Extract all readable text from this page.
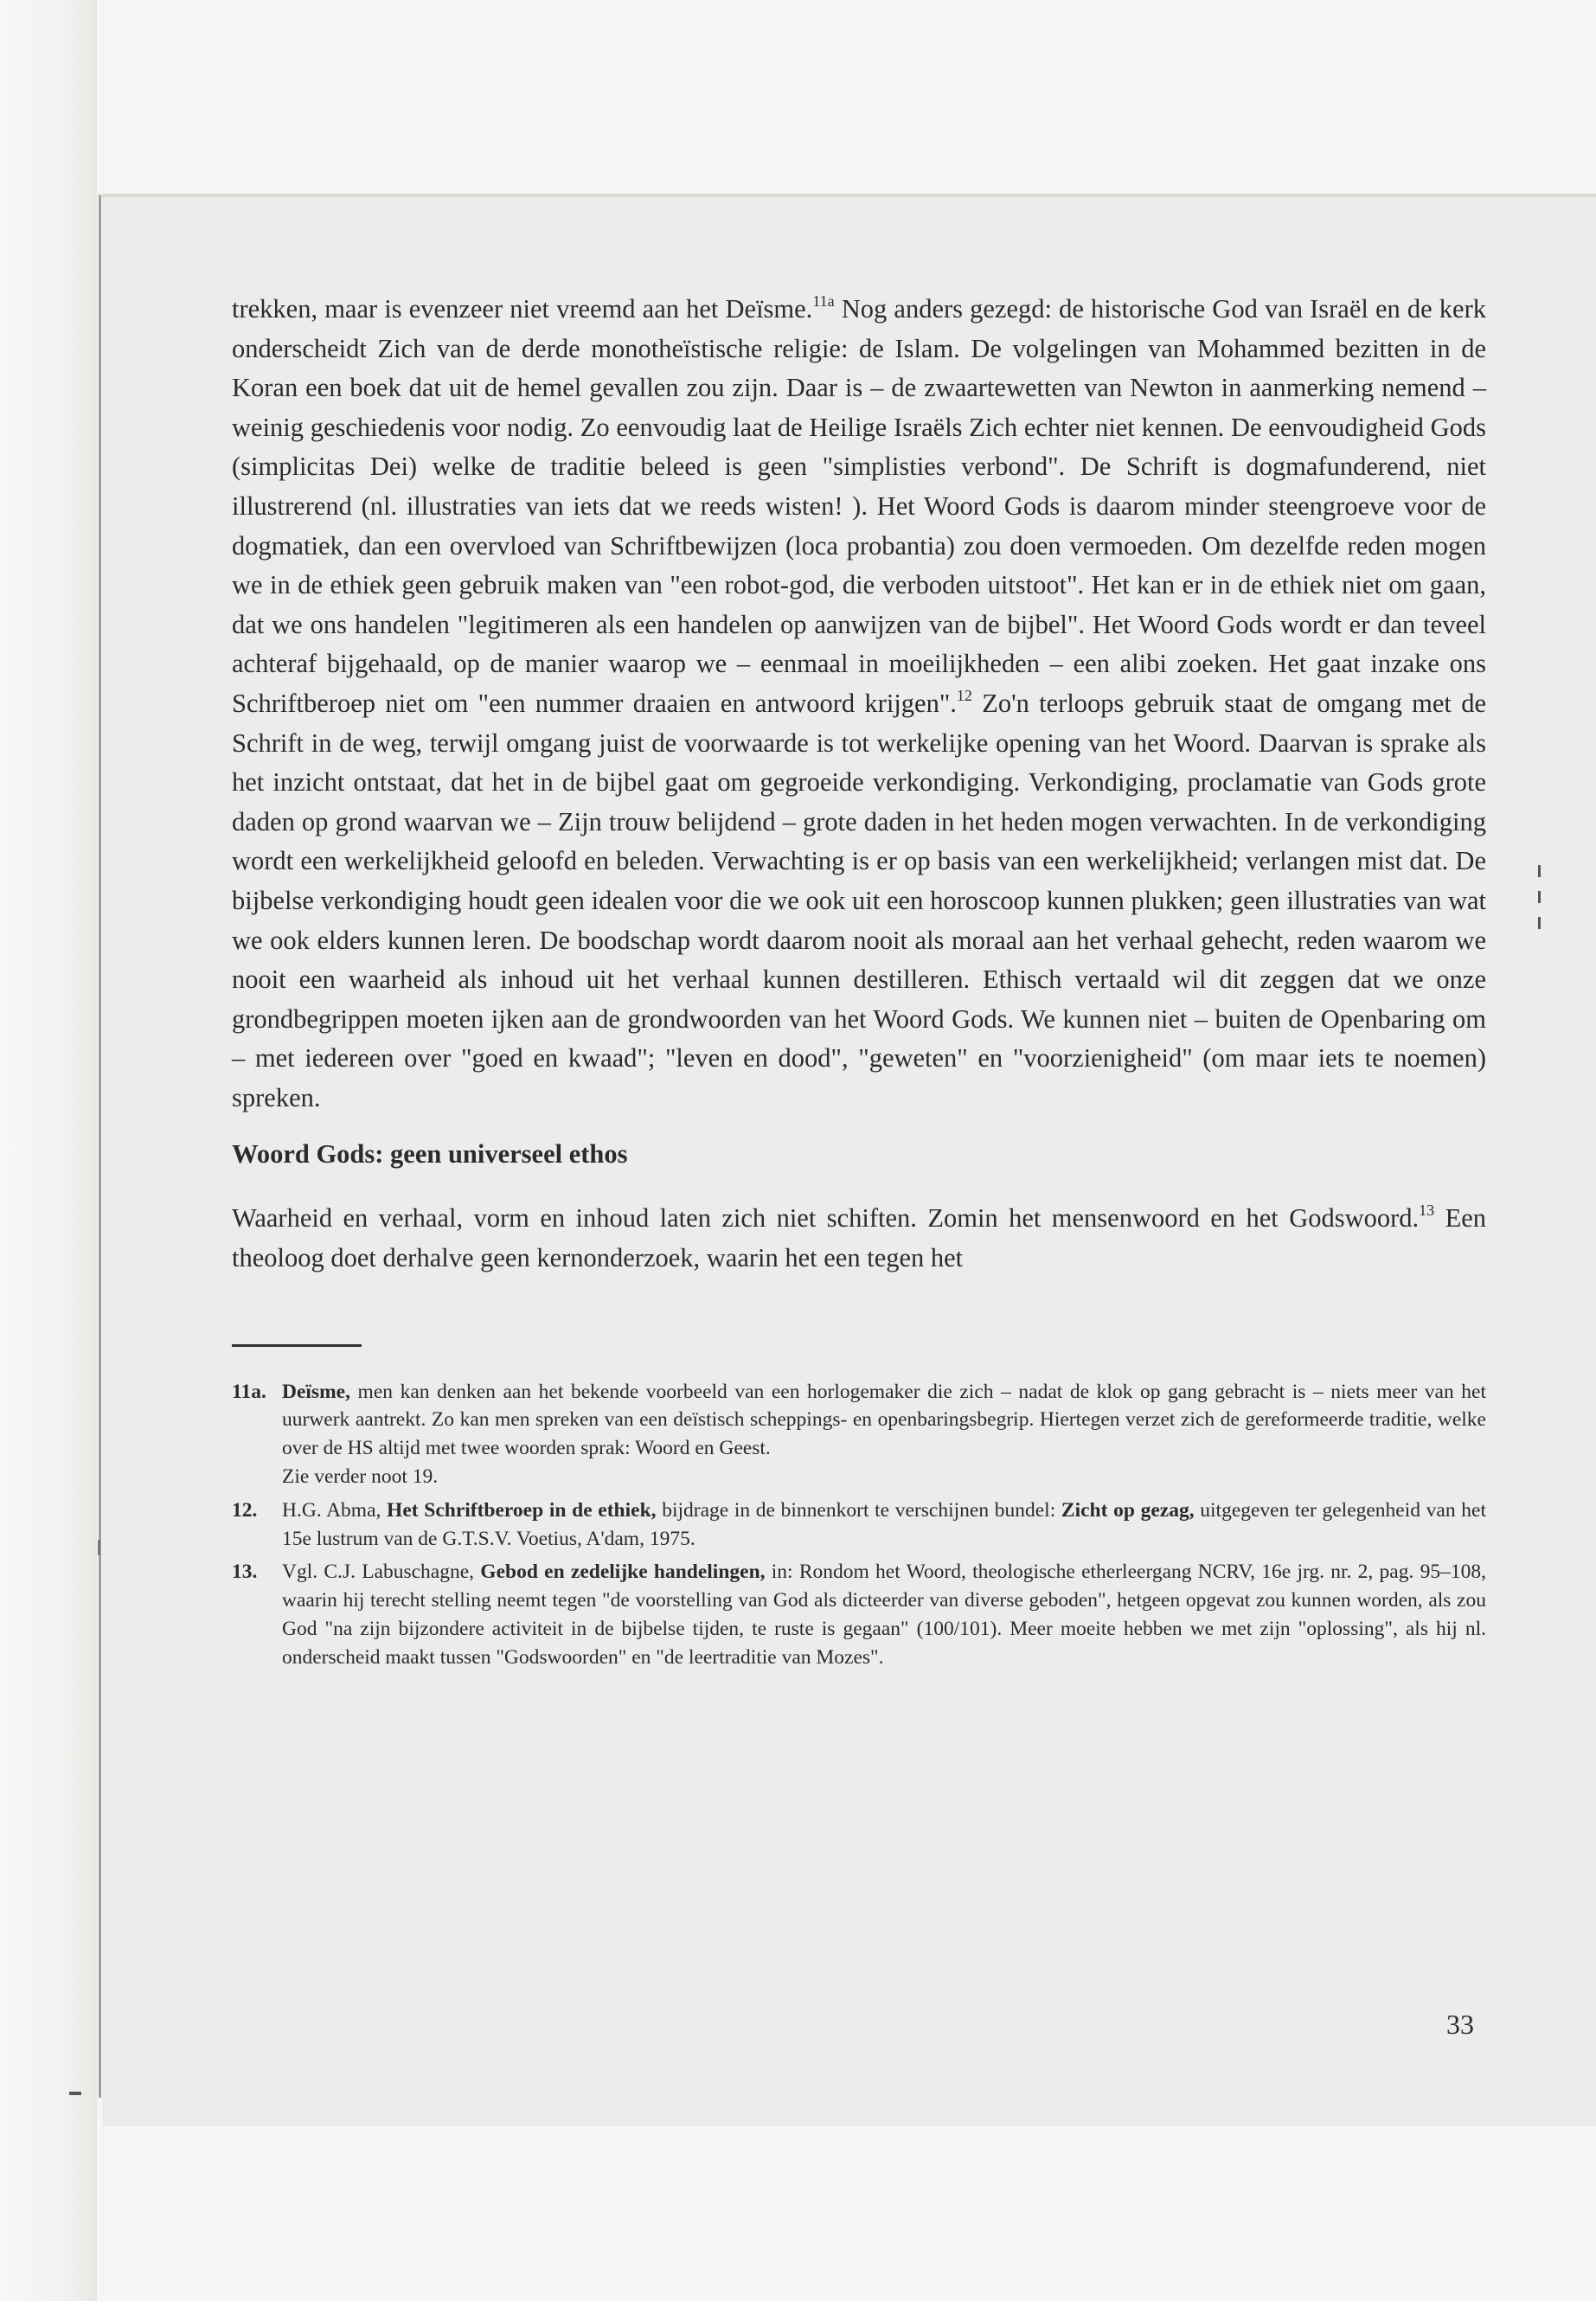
trekken, maar is evenzeer niet vreemd aan het Deïsme.$^{11a}$ Nog anders gezegd: de historische God van Israël en de kerk onderscheidt Zich van de derde monotheïstische religie: de Islam. De volgelingen van Mohammed bezitten in de Koran een boek dat uit de hemel gevallen zou zijn. Daar is – de zwaartewetten van Newton in aanmerking nemend – weinig geschiedenis voor nodig. Zo eenvoudig laat de Heilige Israëls Zich echter niet kennen. De eenvoudigheid Gods (simplicitas Dei) welke de traditie beleed is geen "simplisties verbond". De Schrift is dogmafunderend, niet illustrerend (nl. illustraties van iets dat we reeds wisten! ). Het Woord Gods is daarom minder steengroeve voor de dogmatiek, dan een overvloed van Schriftbewijzen (loca probantia) zou doen vermoeden. Om dezelfde reden mogen we in de ethiek geen gebruik maken van "een robot-god, die verboden uitstoot". Het kan er in de ethiek niet om gaan, dat we ons handelen "legitimeren als een handelen op aanwijzen van de bijbel". Het Woord Gods wordt er dan teveel achteraf bijgehaald, op de manier waarop we – eenmaal in moeilijkheden – een alibi zoeken. Het gaat inzake ons Schriftberoep niet om "een nummer draaien en antwoord krijgen".$^{12}$ Zo'n terloops gebruik staat de omgang met de Schrift in de weg, terwijl omgang juist de voorwaarde is tot werkelijke opening van het Woord. Daarvan is sprake als het inzicht ontstaat, dat het in de bijbel gaat om gegroeide verkondiging. Verkondiging, proclamatie van Gods grote daden op grond waarvan we – Zijn trouw belijdend – grote daden in het heden mogen verwachten. In de verkondiging wordt een werkelijkheid geloofd en beleden. Verwachting is er op basis van een werkelijkheid; verlangen mist dat. De bijbelse verkondiging houdt geen idealen voor die we ook uit een horoscoop kunnen plukken; geen illustraties van wat we ook elders kunnen leren. De boodschap wordt daarom nooit als moraal aan het verhaal gehecht, reden waarom we nooit een waarheid als inhoud uit het verhaal kunnen destilleren. Ethisch vertaald wil dit zeggen dat we onze grondbegrippen moeten ijken aan de grondwoorden van het Woord Gods. We kunnen niet – buiten de Openbaring om – met iedereen over "goed en kwaad"; "leven en dood", "geweten" en "voorzienigheid" (om maar iets te noemen) spreken.

Woord Gods: geen universeel ethos

Waarheid en verhaal, vorm en inhoud laten zich niet schiften. Zomin het mensenwoord en het Godswoord.$^{13}$ Een theoloog doet derhalve geen kernonderzoek, waarin het een tegen het

11a. Deïsme, men kan denken aan het bekende voorbeeld van een horlogemaker die zich – nadat de klok op gang gebracht is – niets meer van het uurwerk aantrekt. Zo kan men spreken van een deïstisch scheppings- en openbaringsbegrip. Hiertegen verzet zich de gereformeerde traditie, welke over de HS altijd met twee woorden sprak: Woord en Geest.
Zie verder noot 19.
12.	H.G. Abma, Het Schriftberoep in de ethiek, bijdrage in de binnenkort te verschijnen bundel: Zicht op gezag, uitgegeven ter gelegenheid van het 15e lustrum van de G.T.S.V. Voetius, A'dam, 1975.
13.	Vgl. C.J. Labuschagne, Gebod en zedelijke handelingen, in: Rondom het Woord, theologische etherleergang NCRV, 16e jrg. nr. 2, pag. 95–108, waarin hij terecht stelling neemt tegen "de voorstelling van God als dicteerder van diverse geboden", hetgeen opgevat zou kunnen worden, als zou God "na zijn bijzondere activiteit in de bijbelse tijden, te ruste is gegaan" (100/101). Meer moeite hebben we met zijn "oplossing", als hij nl. onderscheid maakt tussen "Godswoorden" en "de leertraditie van Mozes".
33
